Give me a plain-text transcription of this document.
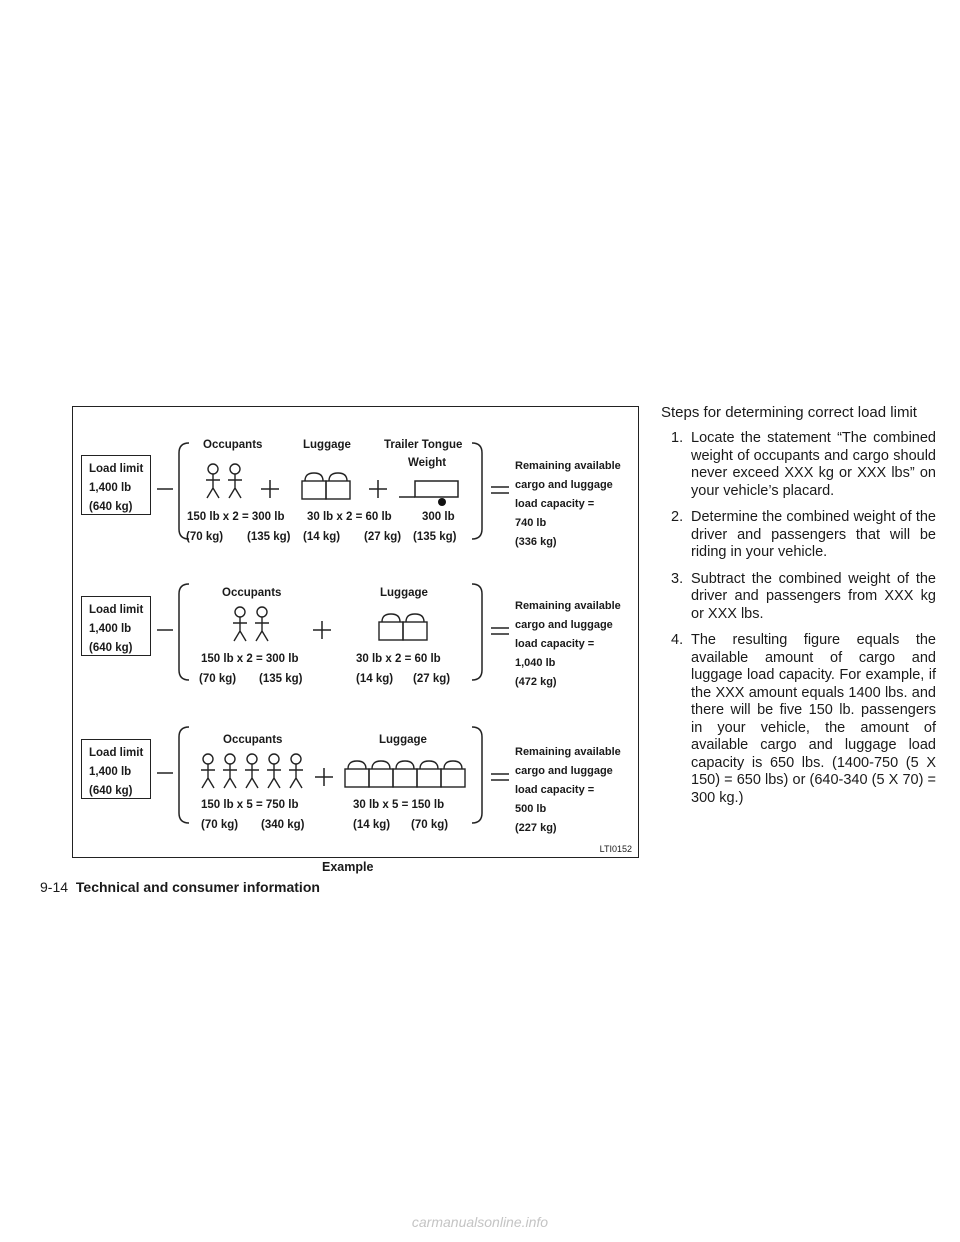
Load limit
1,400 lb
(640 kg)
Occupants	Luggage	Trailer Tongue
Weight
150 lb x 2 = 300 lb
(70 kg) (135 kg)
30 lb x 2 = 60 lb
(14 kg) (27 kg)
300 lb
(135 kg)
Remaining available
cargo and luggage
load capacity =
740 lb
(336 kg)
Load limit
1,400 lb
(640 kg)
Occupants	Luggage
150 lb x 2 = 300 lb
(70 kg) (135 kg)
30 lb x 2 = 60 lb
(14 kg) (27 kg)
Remaining available
cargo and luggage
load capacity =
1,040 lb
(472 kg)
Load limit
1,400 lb
(640 kg)
Occupants	Luggage
150 lb x 5 = 750 lb
(70 kg) (340 kg)
30 lb x 5 = 150 lb
(14 kg) (70 kg)
Remaining available
cargo and luggage
load capacity =
500 lb
(227 kg)
LTI0152
Example
9-14 Technical and consumer information
Steps for determining correct load limit
1. Locate the statement “The combined weight of occupants and cargo should never exceed XXX kg or XXX lbs” on your vehicle’s placard.
2. Determine the combined weight of the driver and passengers that will be riding in your vehicle.
3. Subtract the combined weight of the driver and passengers from XXX kg or XXX lbs.
4. The resulting figure equals the available amount of cargo and luggage load capacity. For example, if the XXX amount equals 1400 lbs. and there will be five 150 lb. passengers in your vehicle, the amount of available cargo and luggage load capacity is 650 lbs. (1400-750 (5 X 150) = 650 lbs) or (640-340 (5 X 70) = 300 kg.)
carmanualsonline.info
